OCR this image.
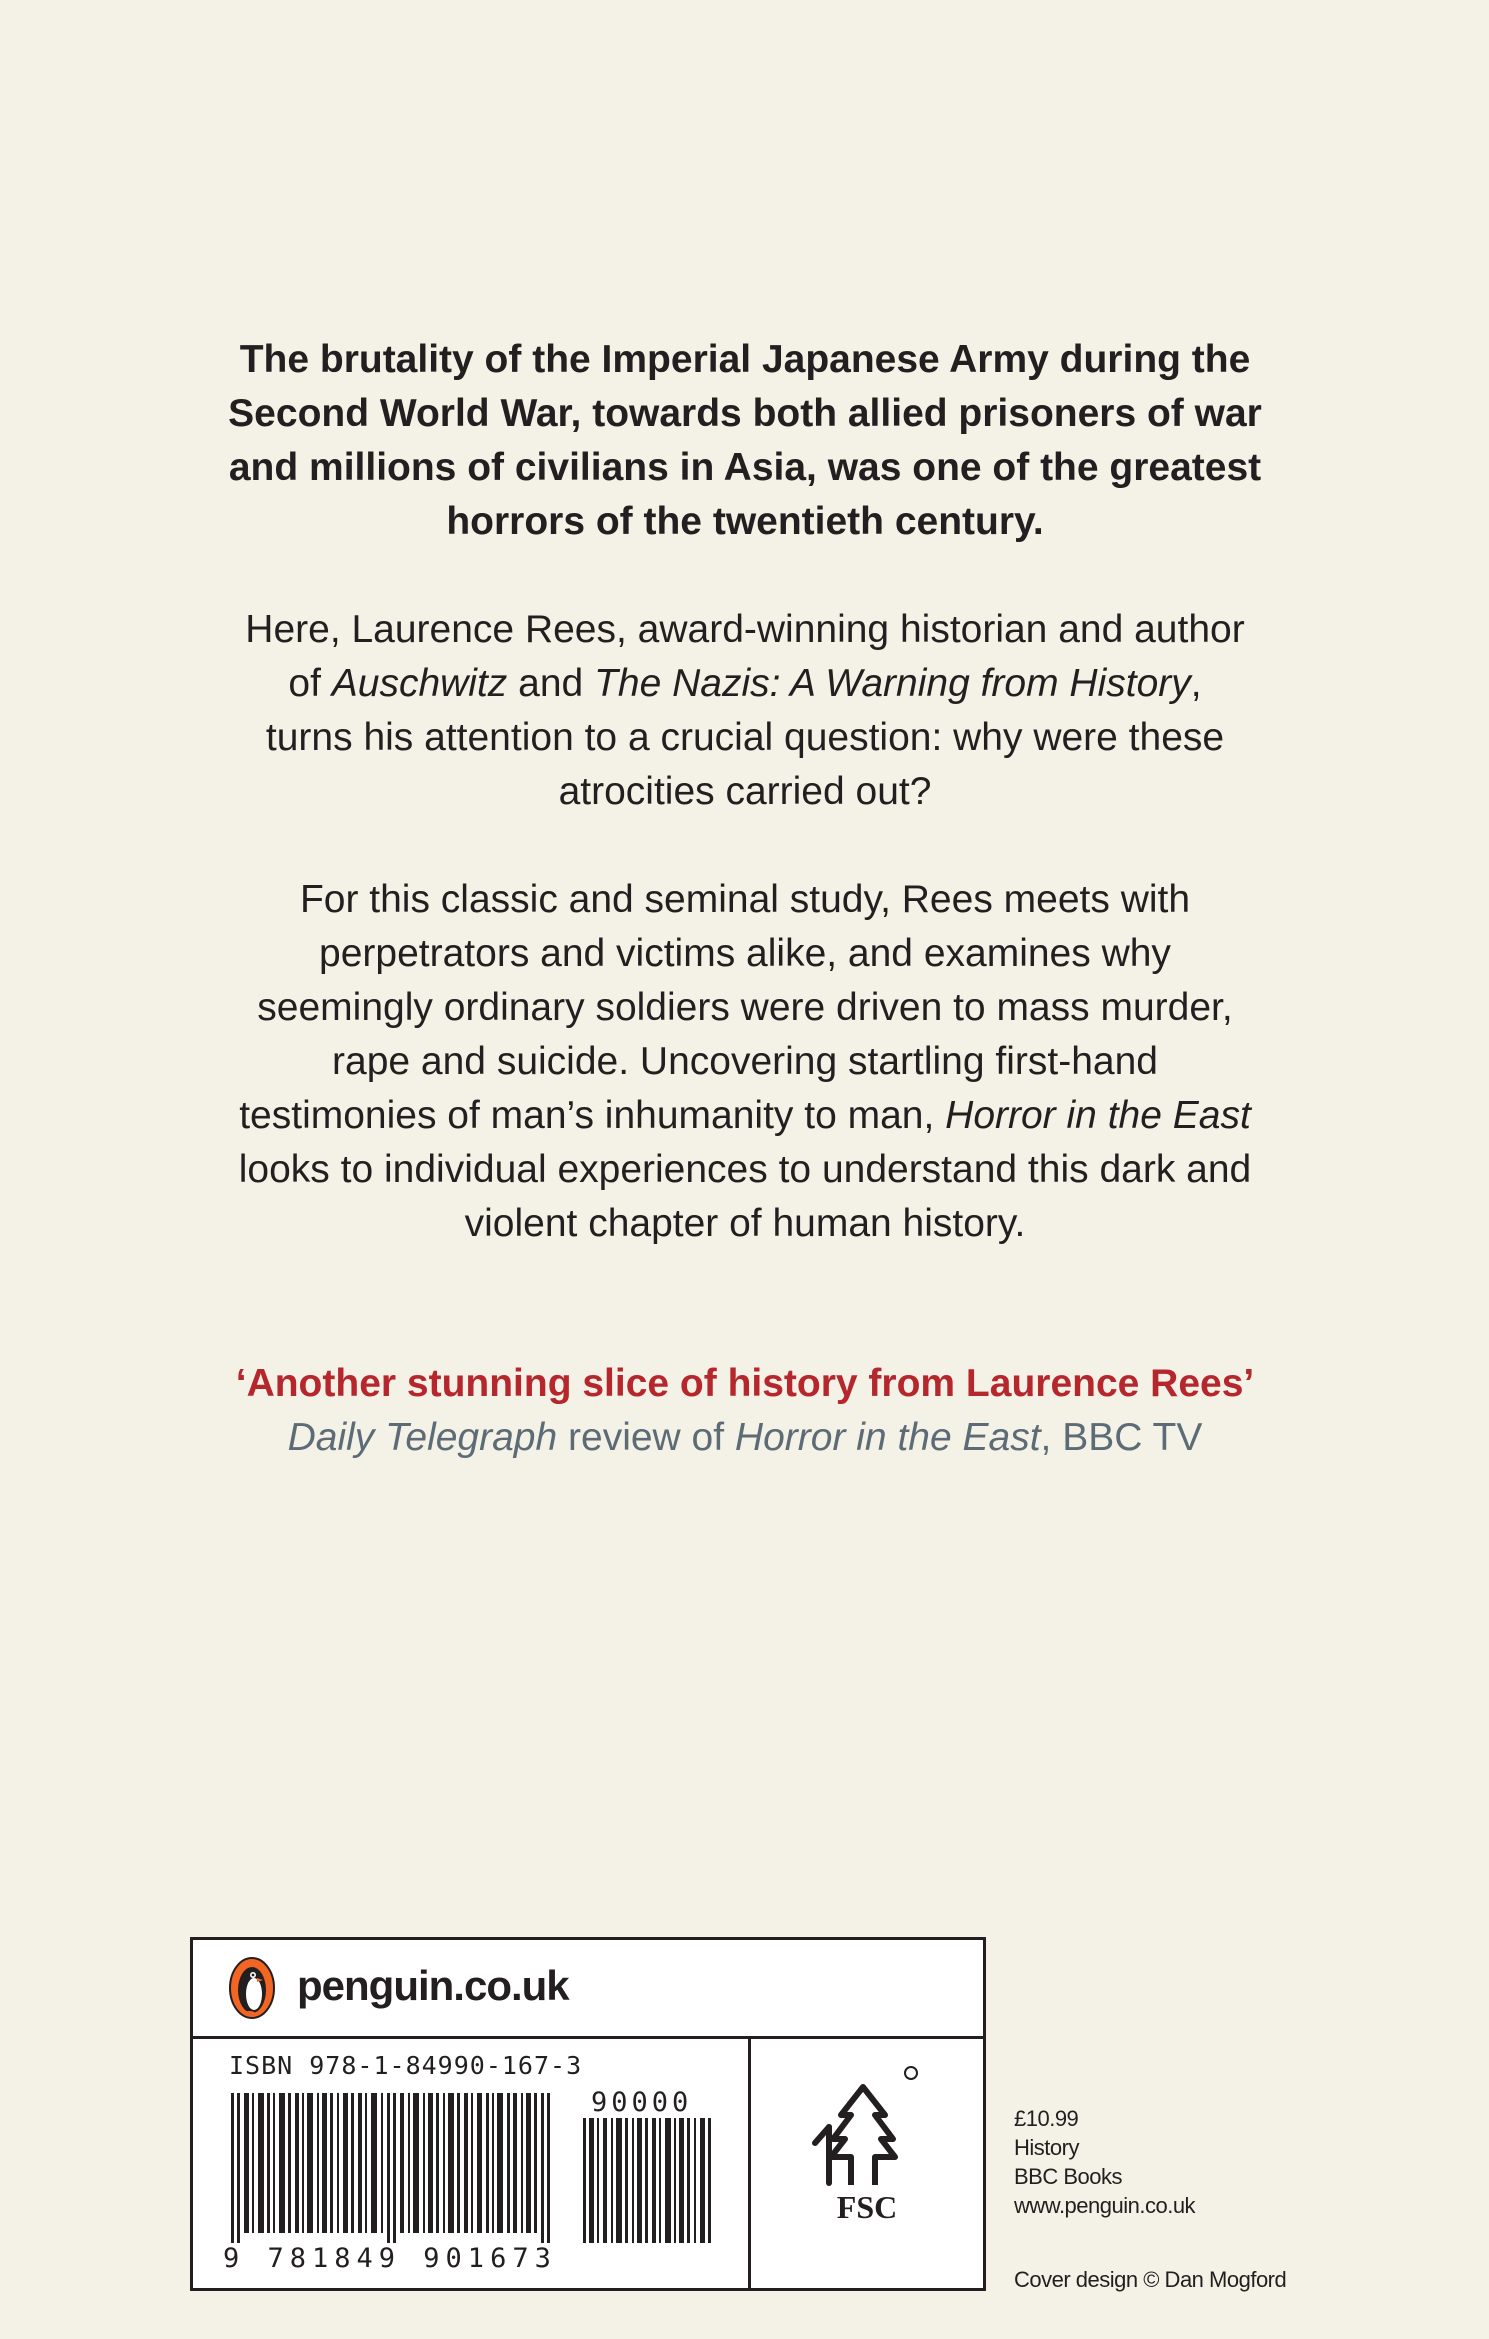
The brutality of the Imperial Japanese Army during the

Second World War, towards both allied prisoners of war

and millions of civilians in Asia, was one of the greatest

horrors of the twentieth century.

Here, Laurence Rees, award-winning historian and author

of Auschwitz and The Nazis: A Warning from History,

turns his attention to a crucial question: why were these

atrocities carried out?

For this classic and seminal study, Rees meets with

perpetrators and victims alike, and examines why

seemingly ordinary soldiers were driven to mass murder,

rape and suicide. Uncovering startling first-hand

testimonies of man’s inhumanity to man, Horror in the East

looks to individual experiences to understand this dark and

violent chapter of human history.

‘Another stunning slice of history from Laurence Rees’

Daily Telegraph review of Horror in the East, BBC TV

penguin.co.uk
ISBN 978-1-84990-167-3
90000
9 781849 901673
FSC
£10.99
History
BBC Books
www.penguin.co.uk
Cover design © Dan Mogford
